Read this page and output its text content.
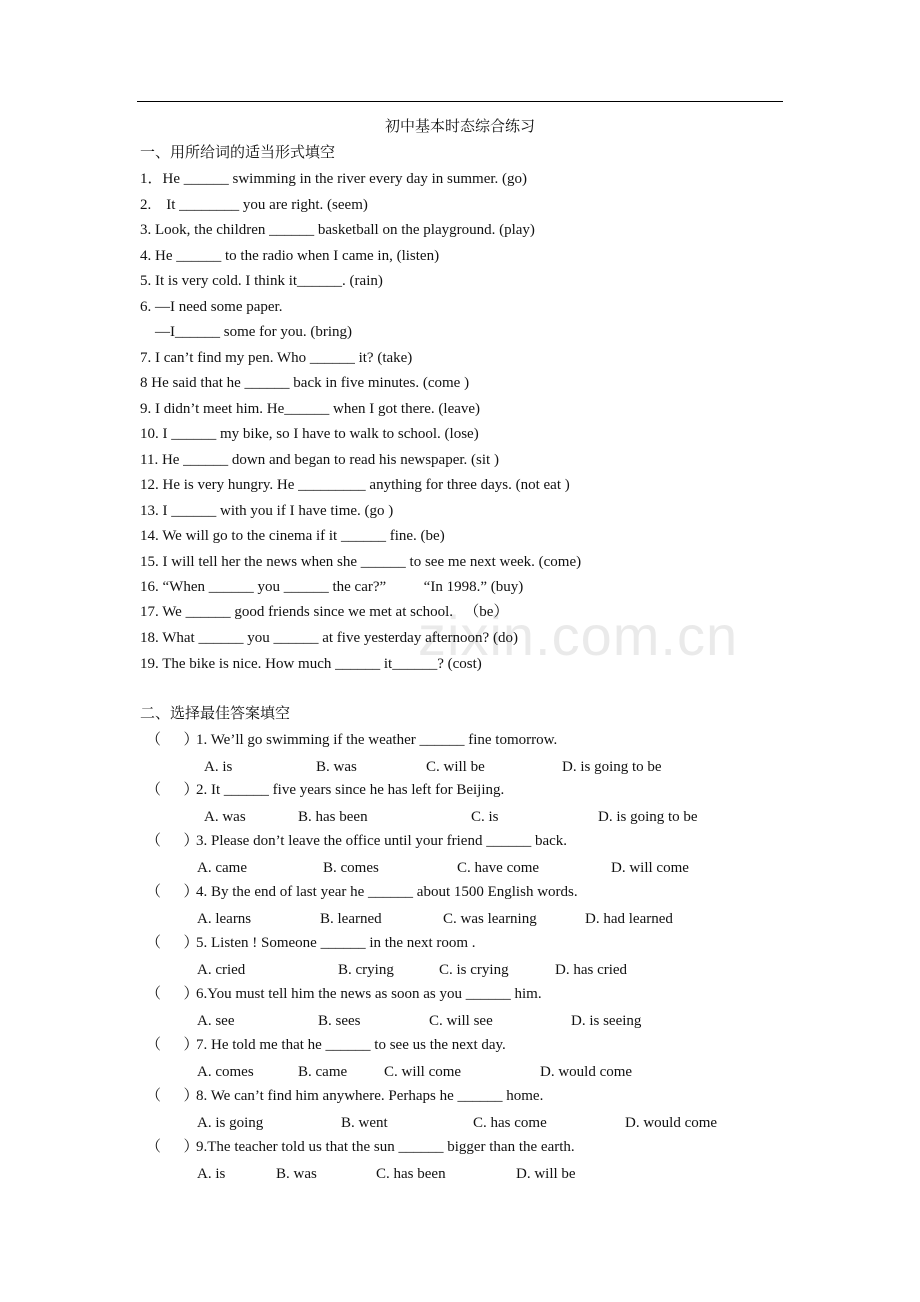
zixin.com.cn
初中基本时态综合练习
一、用所给词的适当形式填空
1．He ______ swimming in the river every day in summer. (go)
2.    It ________ you are right. (seem)
3. Look, the children ______ basketball on the playground. (play)
4. He ______ to the radio when I came in, (listen)
5. It is very cold. I think it______. (rain)
6. —I need some paper.
—I______ some for you. (bring)
7. I can’t find my pen. Who ______ it? (take)
8 He said that he ______ back in five minutes. (come )
9. I didn’t meet him. He______ when I got there. (leave)
10. I ______ my bike, so I have to walk to school. (lose)
11. He ______ down and began to read his newspaper. (sit )
12. He is very hungry. He _________ anything for three days. (not eat )
13. I ______ with you if I have time. (go )
14. We will go to the cinema if it ______ fine. (be)
15. I will tell her the news when she ______ to see me next week. (come)
16. “When ______ you ______ the car?”          “In 1998.” (buy)
17. We ______ good friends since we met at school.   （be）
18. What ______ you ______ at five yesterday afternoon? (do)
19. The bike is nice. How much ______ it______? (cost)
二、选择最佳答案填空
（      ）
1. We’ll go swimming if the weather ______ fine tomorrow.
A. is	B. was	C. will be	D. is going to be
（      ）
2. It ______ five years since he has left for Beijing.
A. was	B. has been	C. is	D. is going to be
（      ）
3. Please don’t leave the office until your friend ______ back.
A. came	B. comes	C. have come	D. will come
（      ）
4. By the end of last year he ______ about 1500 English words.
A. learns	B. learned	C. was learning	D. had learned
（      ）
5. Listen ! Someone ______ in the next room .
A. cried	B. crying	C. is crying	D. has cried
（      ）
6.You must tell him the news as soon as you ______ him.
A. see	B. sees	C. will see	D. is seeing
（      ）
7. He told me that he ______ to see us the next day.
A. comes	B. came C. will come	D. would come
（      ）
8. We can’t find him anywhere. Perhaps he ______ home.
A. is going	B. went	C. has come	D. would come
（      ）
9.The teacher told us that the sun ______ bigger than the earth.
A. is	B. was	C. has been	D. will be
